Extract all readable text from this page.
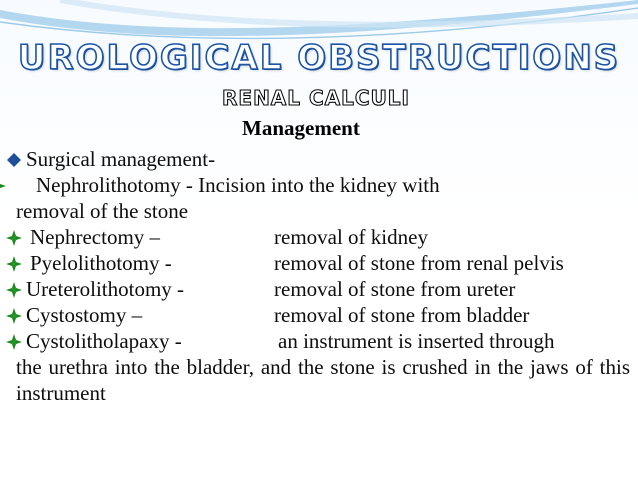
UROLOGICAL OBSTRUCTIONS
RENAL CALCULI
Management
Surgical management-
Nephrolithotomy - Incision into the kidney with
removal of the stone
Nephrectomy –	removal of kidney
Pyelolithotomy -	removal of stone from renal pelvis
Ureterolithotomy -	removal of stone from ureter
Cystostomy –	removal of stone from bladder
Cystolitholapaxy -	an instrument is inserted through
the urethra into the bladder, and the stone is crushed in the jaws of this instrument
